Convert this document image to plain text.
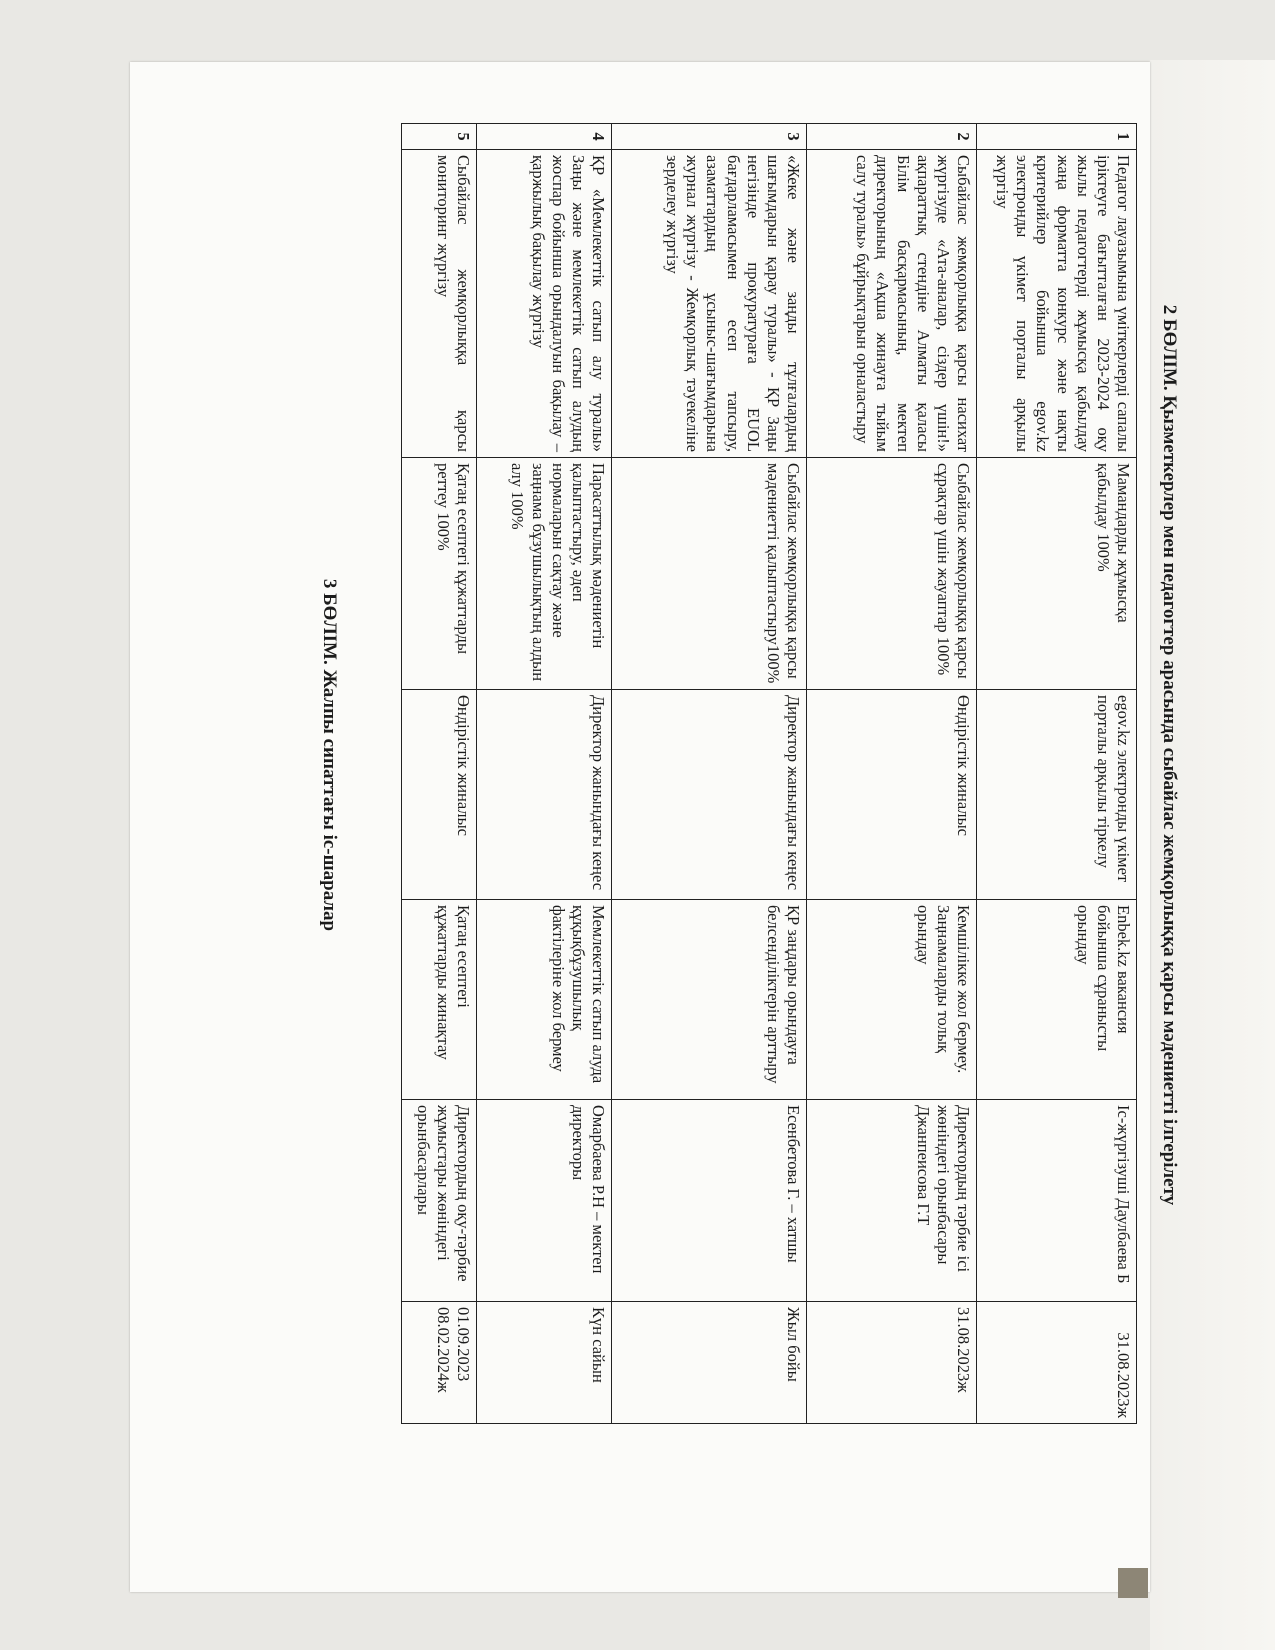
2 БӨЛІМ. Қызметкерлер мен педагогтер арасында сыбайлас жемқорлыққа қарсы мәдениетті ілгерілету
1	Педагог лауазымына үміткерлерді сапалы іріктеуге бағытталған 2023-2024 оқу жылы педагогтерді жұмысқа қабылдау жаңа форматта конкурс және нақты критерийлер бойынша egov.kz электронды үкімет порталы арқылы жүргізу	Мамандарды жұмысқа қабылдау 100%	egov.kz электронды үкімет порталы арқылы тіркелу	Enbek.kz вакансия бойынша сұранысты орындау	Іс-жүргізуші Даулбаева Б	31.08.2023ж
2	Сыбайлас жемқорлыққа қарсы насихат жүргізуде «Ата-аналар, сіздер үшін!» ақпараттық стендіне Алматы қаласы Білім басқармасының, мектеп директорының «Ақша жинауға тыйым салу туралы» бұйрықтарын орналастыру	Сыбайлас жемқорлыққа қарсы сұрақтар үшін жауаптар 100%	Өндірістік жиналыс	Кемшілікке жол бермеу. Заңнамаларды толық орындау	Директордың тәрбие ісі жөніндегі орынбасары Джанпеисова Г.Т	31.08.2023ж
3	«Жеке және заңды тұлғалардың шағымдарын қарау туралы» - ҚР Заңы негізінде прокуратураға EUOL бағдарламасымен есеп тапсыру, азаматтардың ұсыныс-шағымдарына журнал жүргізу - Жемқорлық тәуекеліне зерделеу жүргізу	Сыбайлас жемқорлыққа қарсы мәдениетті қалыптастыру100%	Директор жанындағы кеңес	ҚР заңдары орындауға белсенділіктерін арттыру	Есенбетова Г. – хатшы	Жыл бойы
4	ҚР «Мемлекеттік сатып алу туралы» Заңы және мемлекеттік сатып алудың жоспар бойынша орындалуын бақылау – қаржылық бақылау жүргізу	Парасаттылық мәдениетін қалыптастыру, әдеп нормаларын сақтау және заңнама бұзушылықтың алдын алу 100%	Директор жанындағы кеңес	Мемлекеттік сатып алуда құқықбұзушылық фактілеріне жол бермеу	Омарбаева Р.Н – мектеп директоры	Күн сайын
5	Сыбайлас жемқорлыққа қарсы мониторинг жүргізу	Қатаң есептегі құжаттарды реттеу 100%	Өндірістік жиналыс	Қатаң есептегі құжаттарды жинақтау	Директордың оқу-тәрбие жұмыстары жөніндегі орынбасарлары	01.09.2023 08.02.2024ж
3 БӨЛІМ. Жалпы сипаттағы іс-шаралар
